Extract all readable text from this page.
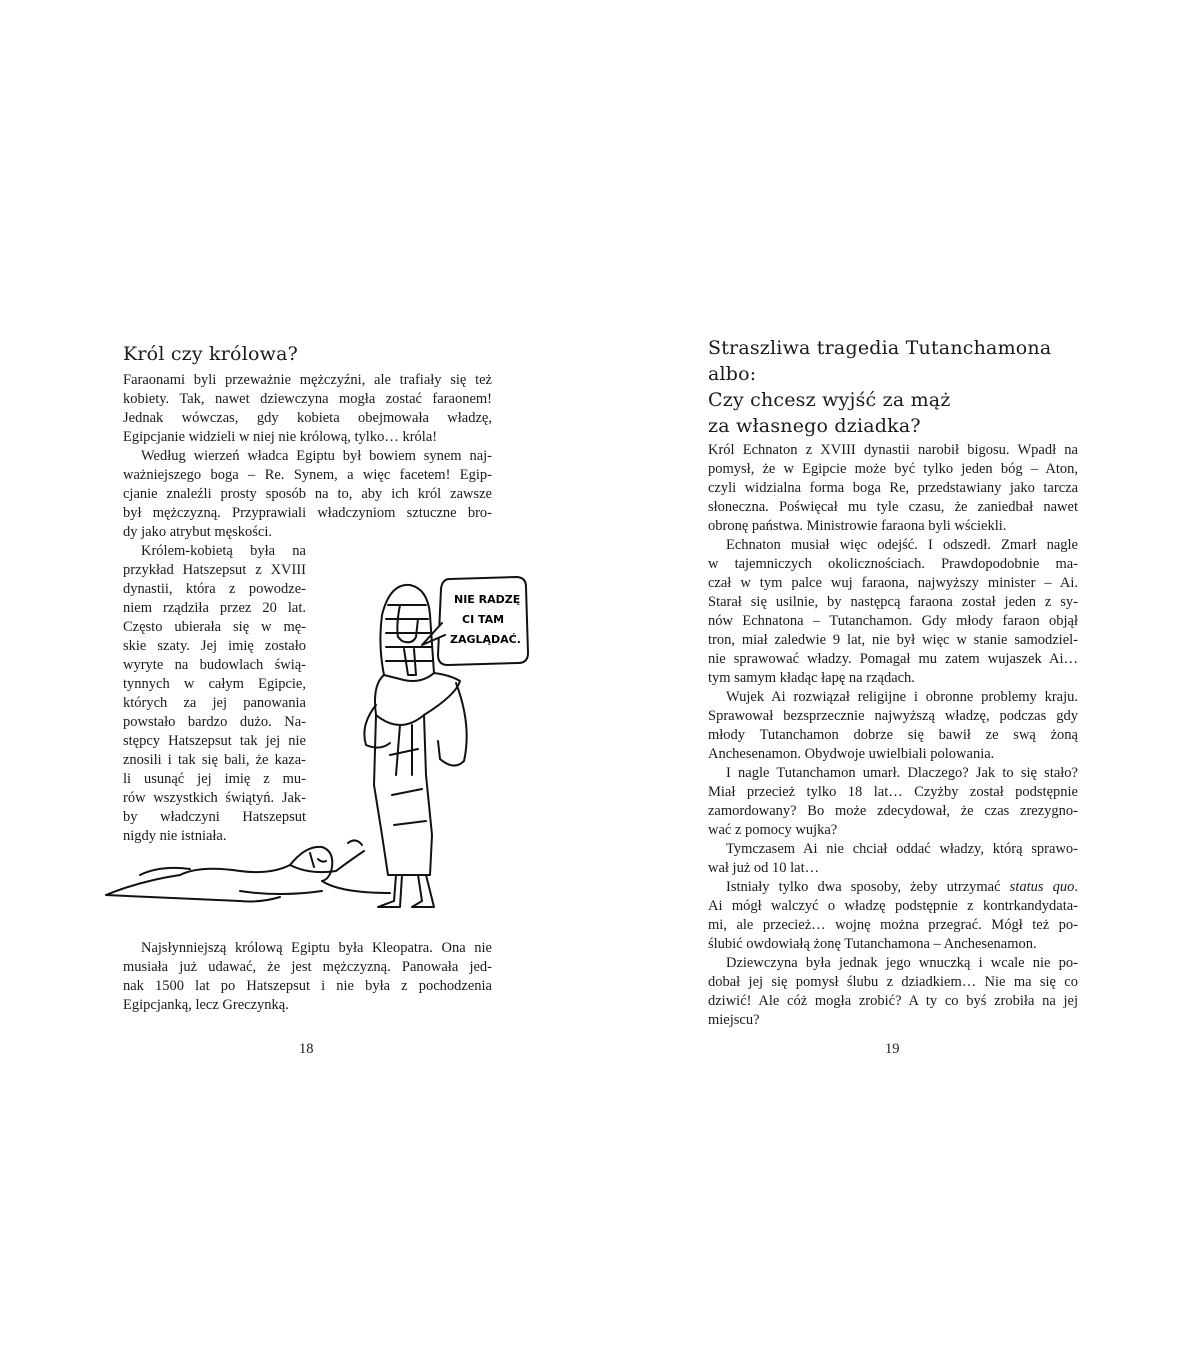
Król czy królowa?
Faraonami byli przeważnie mężczyźni, ale trafiały się też
kobiety. Tak, nawet dziewczyna mogła zostać faraonem!
Jednak wówczas, gdy kobieta obejmowała władzę,
Egipcjanie widzieli w niej nie królową, tylko… króla!
Według wierzeń władca Egiptu był bowiem synem naj-
ważniejszego boga – Re. Synem, a więc facetem! Egip-
cjanie znaleźli prosty sposób na to, aby ich król zawsze
był mężczyzną. Przyprawiali władczyniom sztuczne bro-
dy jako atrybut męskości.
Królem-kobietą była na
przykład Hatszepsut z XVIII
dynastii, która z powodze-
niem rządziła przez 20 lat.
Często ubierała się w mę-
skie szaty. Jej imię zostało
wyryte na budowlach świą-
tynnych w całym Egipcie,
których za jej panowania
powstało bardzo dużo. Na-
stępcy Hatszepsut tak jej nie
znosili i tak się bali, że kaza-
li usunąć jej imię z mu-
rów wszystkich świątyń. Jak-
by władczyni Hatszepsut
nigdy nie istniała.
NIE RADZĘ
CI TAM
ZAGLĄDAĆ.
Najsłynniejszą królową Egiptu była Kleopatra. Ona nie
musiała już udawać, że jest mężczyzną. Panowała jed-
nak 1500 lat po Hatszepsut i nie była z pochodzenia
Egipcjanką, lecz Greczynką.
18
Straszliwa tragedia Tutanchamona
albo:
Czy chcesz wyjść za mąż
za własnego dziadka?
Król Echnaton z XVIII dynastii narobił bigosu. Wpadł na
pomysł, że w Egipcie może być tylko jeden bóg – Aton,
czyli widzialna forma boga Re, przedstawiany jako tarcza
słoneczna. Poświęcał mu tyle czasu, że zaniedbał nawet
obronę państwa. Ministrowie faraona byli wściekli.
Echnaton musiał więc odejść. I odszedł. Zmarł nagle
w tajemniczych okolicznościach. Prawdopodobnie ma-
czał w tym palce wuj faraona, najwyższy minister – Ai.
Starał się usilnie, by następcą faraona został jeden z sy-
nów Echnatona – Tutanchamon. Gdy młody faraon objął
tron, miał zaledwie 9 lat, nie był więc w stanie samodziel-
nie sprawować władzy. Pomagał mu zatem wujaszek Ai…
tym samym kładąc łapę na rządach.
Wujek Ai rozwiązał religijne i obronne problemy kraju.
Sprawował bezsprzecznie najwyższą władzę, podczas gdy
młody Tutanchamon dobrze się bawił ze swą żoną
Anchesenamon. Obydwoje uwielbiali polowania.
I nagle Tutanchamon umarł. Dlaczego? Jak to się stało?
Miał przecież tylko 18 lat… Czyżby został podstępnie
zamordowany? Bo może zdecydował, że czas zrezygno-
wać z pomocy wujka?
Tymczasem Ai nie chciał oddać władzy, którą sprawo-
wał już od 10 lat…
Istniały tylko dwa sposoby, żeby utrzymać status quo.
Ai mógł walczyć o władzę podstępnie z kontrkandydata-
mi, ale przecież… wojnę można przegrać. Mógł też po-
ślubić owdowiałą żonę Tutanchamona – Anchesenamon.
Dziewczyna była jednak jego wnuczką i wcale nie po-
dobał jej się pomysł ślubu z dziadkiem… Nie ma się co
dziwić! Ale cóż mogła zrobić? A ty co byś zrobiła na jej
miejscu?
19
